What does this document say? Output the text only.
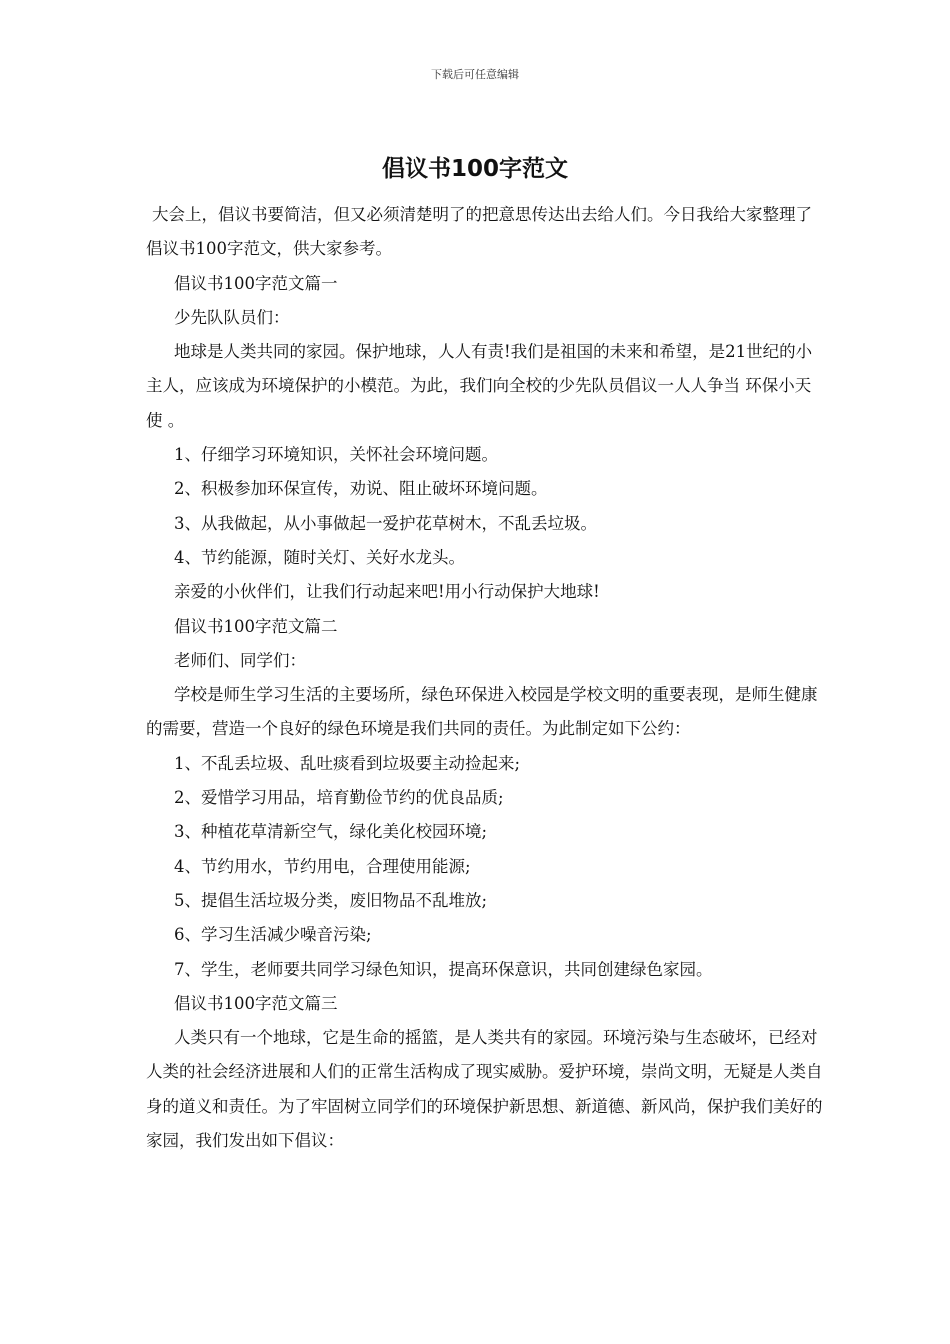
下载后可任意编辑
倡议书100字范文

大会上，倡议书要简洁，但又必须清楚明了的把意思传达出去给人们。今日我给大家整理了倡议书100字范文，供大家参考。

倡议书100字范文篇一

少先队队员们：

地球是人类共同的家园。保护地球，人人有责!我们是祖国的未来和希望，是21世纪的小主人，应该成为环境保护的小模范。为此，我们向全校的少先队员倡议一人人争当 环保小天使 。

1、仔细学习环境知识，关怀社会环境问题。

2、积极参加环保宣传，劝说、阻止破坏环境问题。

3、从我做起，从小事做起一爱护花草树木，不乱丢垃圾。

4、节约能源，随时关灯、关好水龙头。

亲爱的小伙伴们，让我们行动起来吧!用小行动保护大地球!

倡议书100字范文篇二

老师们、同学们：

学校是师生学习生活的主要场所，绿色环保进入校园是学校文明的重要表现，是师生健康的需要，营造一个良好的绿色环境是我们共同的责任。为此制定如下公约：

1、不乱丢垃圾、乱吐痰看到垃圾要主动捡起来;

2、爱惜学习用品，培育勤俭节约的优良品质;

3、种植花草清新空气，绿化美化校园环境;

4、节约用水，节约用电，合理使用能源;

5、提倡生活垃圾分类，废旧物品不乱堆放;

6、学习生活减少噪音污染;

7、学生，老师要共同学习绿色知识，提高环保意识，共同创建绿色家园。

倡议书100字范文篇三

人类只有一个地球，它是生命的摇篮，是人类共有的家园。环境污染与生态破坏，已经对人类的社会经济进展和人们的正常生活构成了现实威胁。爱护环境，崇尚文明，无疑是人类自身的道义和责任。为了牢固树立同学们的环境保护新思想、新道德、新风尚，保护我们美好的家园，我们发出如下倡议：
